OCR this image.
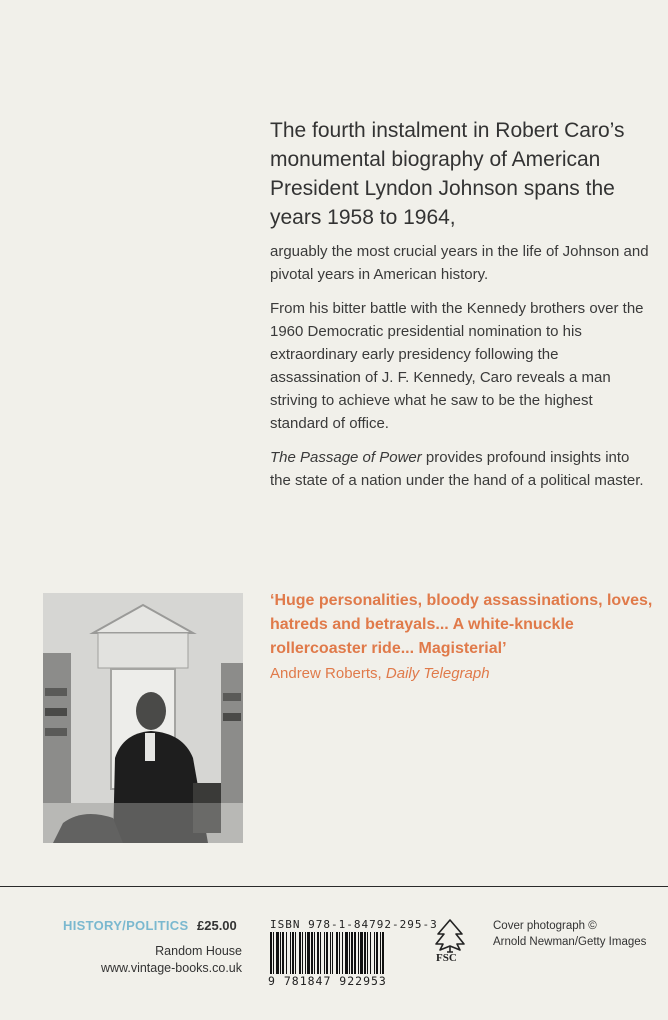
The fourth instalment in Robert Caro’s monumental biography of American President Lyndon Johnson spans the years 1958 to 1964,

arguably the most crucial years in the life of Johnson and pivotal years in American history.

From his bitter battle with the Kennedy brothers over the 1960 Democratic presidential nomination to his extraordinary early presidency following the assassination of J. F. Kennedy, Caro reveals a man striving to achieve what he saw to be the highest standard of office.

The Passage of Power provides profound insights into the state of a nation under the hand of a political master.

‘Huge personalities, bloody assassinations, loves, hatreds and betrayals... A white-knuckle rollercoaster ride... Magisterial’

Andrew Roberts, Daily Telegraph

HISTORY/POLITICS £25.00
Random House
www.vintage-books.co.uk
ISBN 978-1-84792-295-3
9 781847 922953
FSC
Cover photograph ©
Arnold Newman/Getty Images
